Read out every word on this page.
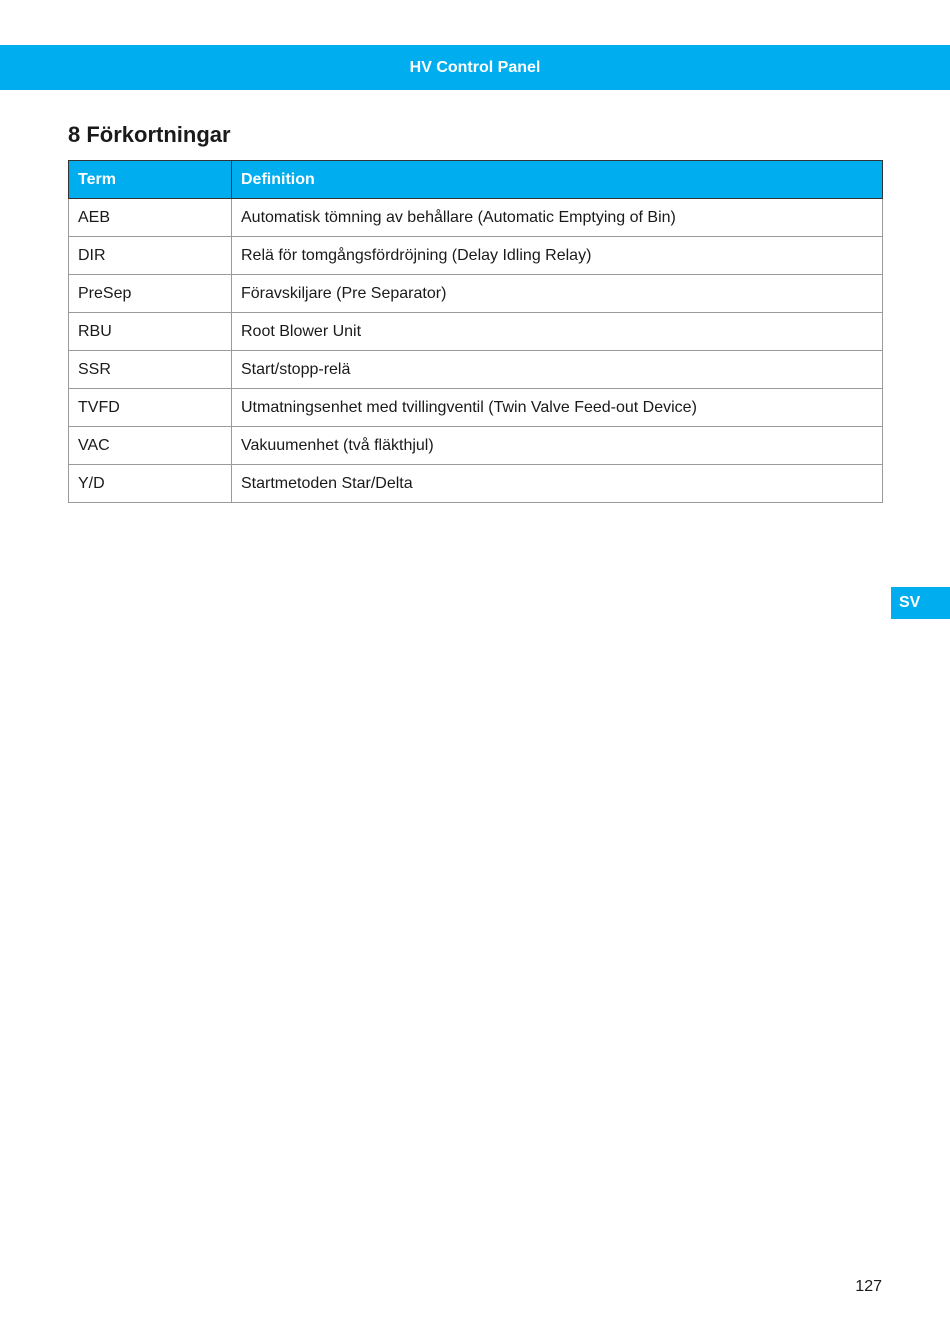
HV Control Panel
8 Förkortningar
Term	Definition
AEB	Automatisk tömning av behållare (Automatic Emptying of Bin)
DIR	Relä för tomgångsfördröjning (Delay Idling Relay)
PreSep	Föravskiljare (Pre Separator)
RBU	Root Blower Unit
SSR	Start/stopp-relä
TVFD	Utmatningsenhet med tvillingventil (Twin Valve Feed-out Device)
VAC	Vakuumenhet (två fläkthjul)
Y/D	Startmetoden Star/Delta
SV
127
